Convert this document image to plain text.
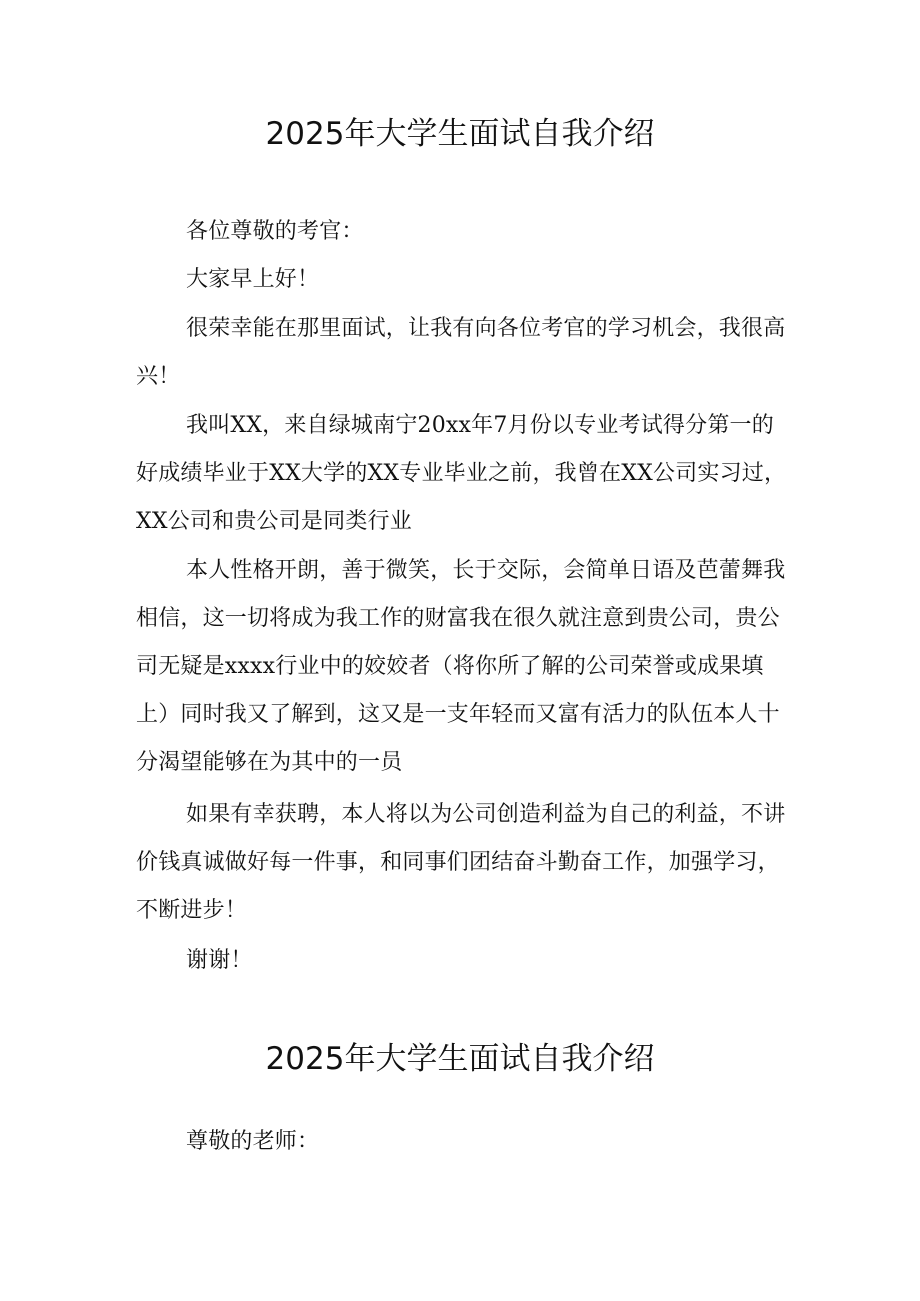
2025年大学生面试自我介绍

各位尊敬的考官：

大家早上好！

很荣幸能在那里面试，让我有向各位考官的学习机会，我很高兴！

我叫XX，来自绿城南宁20xx年7月份以专业考试得分第一的好成绩毕业于XX大学的XX专业毕业之前，我曾在XX公司实习过，XX公司和贵公司是同类行业

本人性格开朗，善于微笑，长于交际，会简单日语及芭蕾舞我相信，这一切将成为我工作的财富我在很久就注意到贵公司，贵公司无疑是xxxx行业中的姣姣者（将你所了解的公司荣誉或成果填上）同时我又了解到，这又是一支年轻而又富有活力的队伍本人十分渴望能够在为其中的一员

如果有幸获聘，本人将以为公司创造利益为自己的利益，不讲价钱真诚做好每一件事，和同事们团结奋斗勤奋工作，加强学习，不断进步！

谢谢！

2025年大学生面试自我介绍

尊敬的老师：
